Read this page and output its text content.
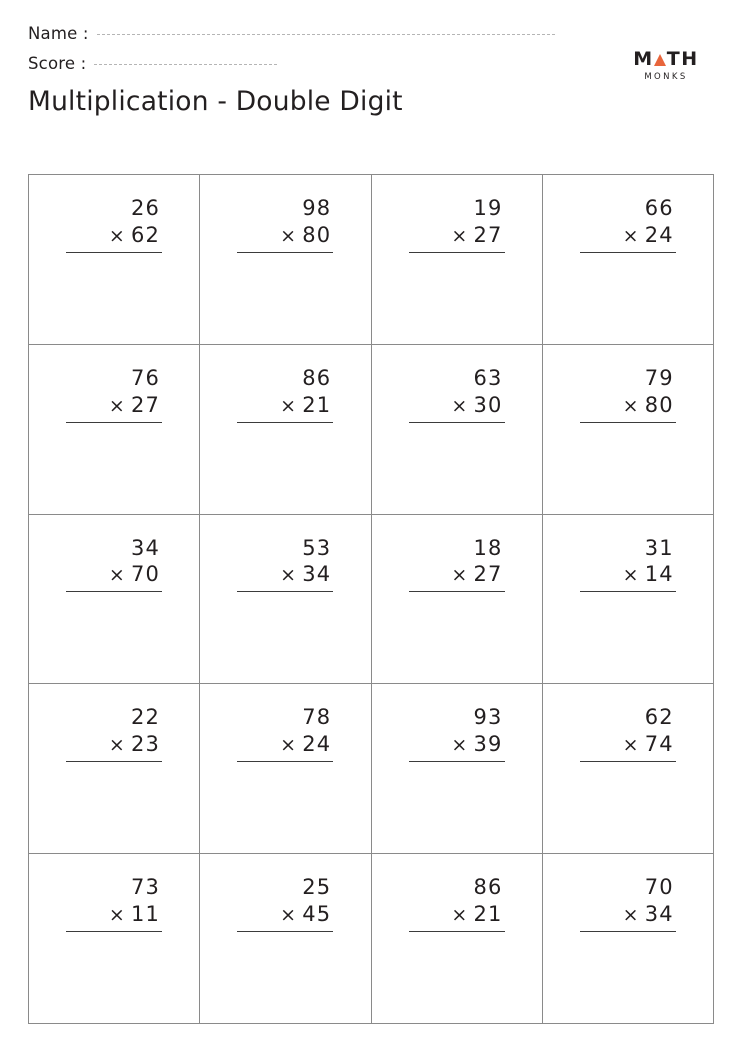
Name :
Score :
Multiplication - Double Digit
M TH
MONKS
26
× 62
98
× 80
19
× 27
66
× 24
76
× 27
86
× 21
63
× 30
79
× 80
34
× 70
53
× 34
18
× 27
31
× 14
22
× 23
78
× 24
93
× 39
62
× 74
73
× 11
25
× 45
86
× 21
70
× 34
